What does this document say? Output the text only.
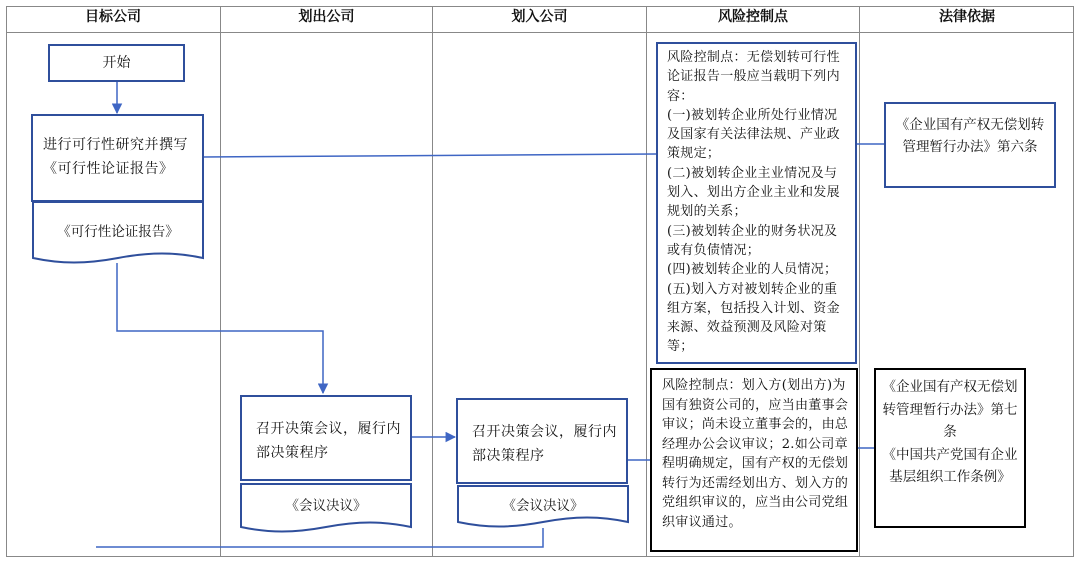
目标公司	划出公司	划入公司	风险控制点	法律依据
开始
进行可行性研究并撰写《可行性论证报告》
《可行性论证报告》
召开决策会议，履行内部决策程序
《会议决议》
召开决策会议，履行内部决策程序
《会议决议》
风险控制点：无偿划转可行性论证报告一般应当载明下列内容：
(一)被划转企业所处行业情况及国家有关法律法规、产业政策规定；
(二)被划转企业主业情况及与划入、划出方企业主业和发展规划的关系；
(三)被划转企业的财务状况及或有负债情况；
(四)被划转企业的人员情况；
(五)划入方对被划转企业的重组方案，包括投入计划、资金来源、效益预测及风险对策等；
风险控制点：划入方(划出方)为国有独资公司的，应当由董事会审议；尚未设立董事会的，由总经理办公会议审议；2.如公司章程明确规定，国有产权的无偿划转行为还需经划出方、划入方的党组织审议的，应当由公司党组织审议通过。
《企业国有产权无偿划转管理暂行办法》第六条
《企业国有产权无偿划转管理暂行办法》第七条
《中国共产党国有企业基层组织工作条例》
